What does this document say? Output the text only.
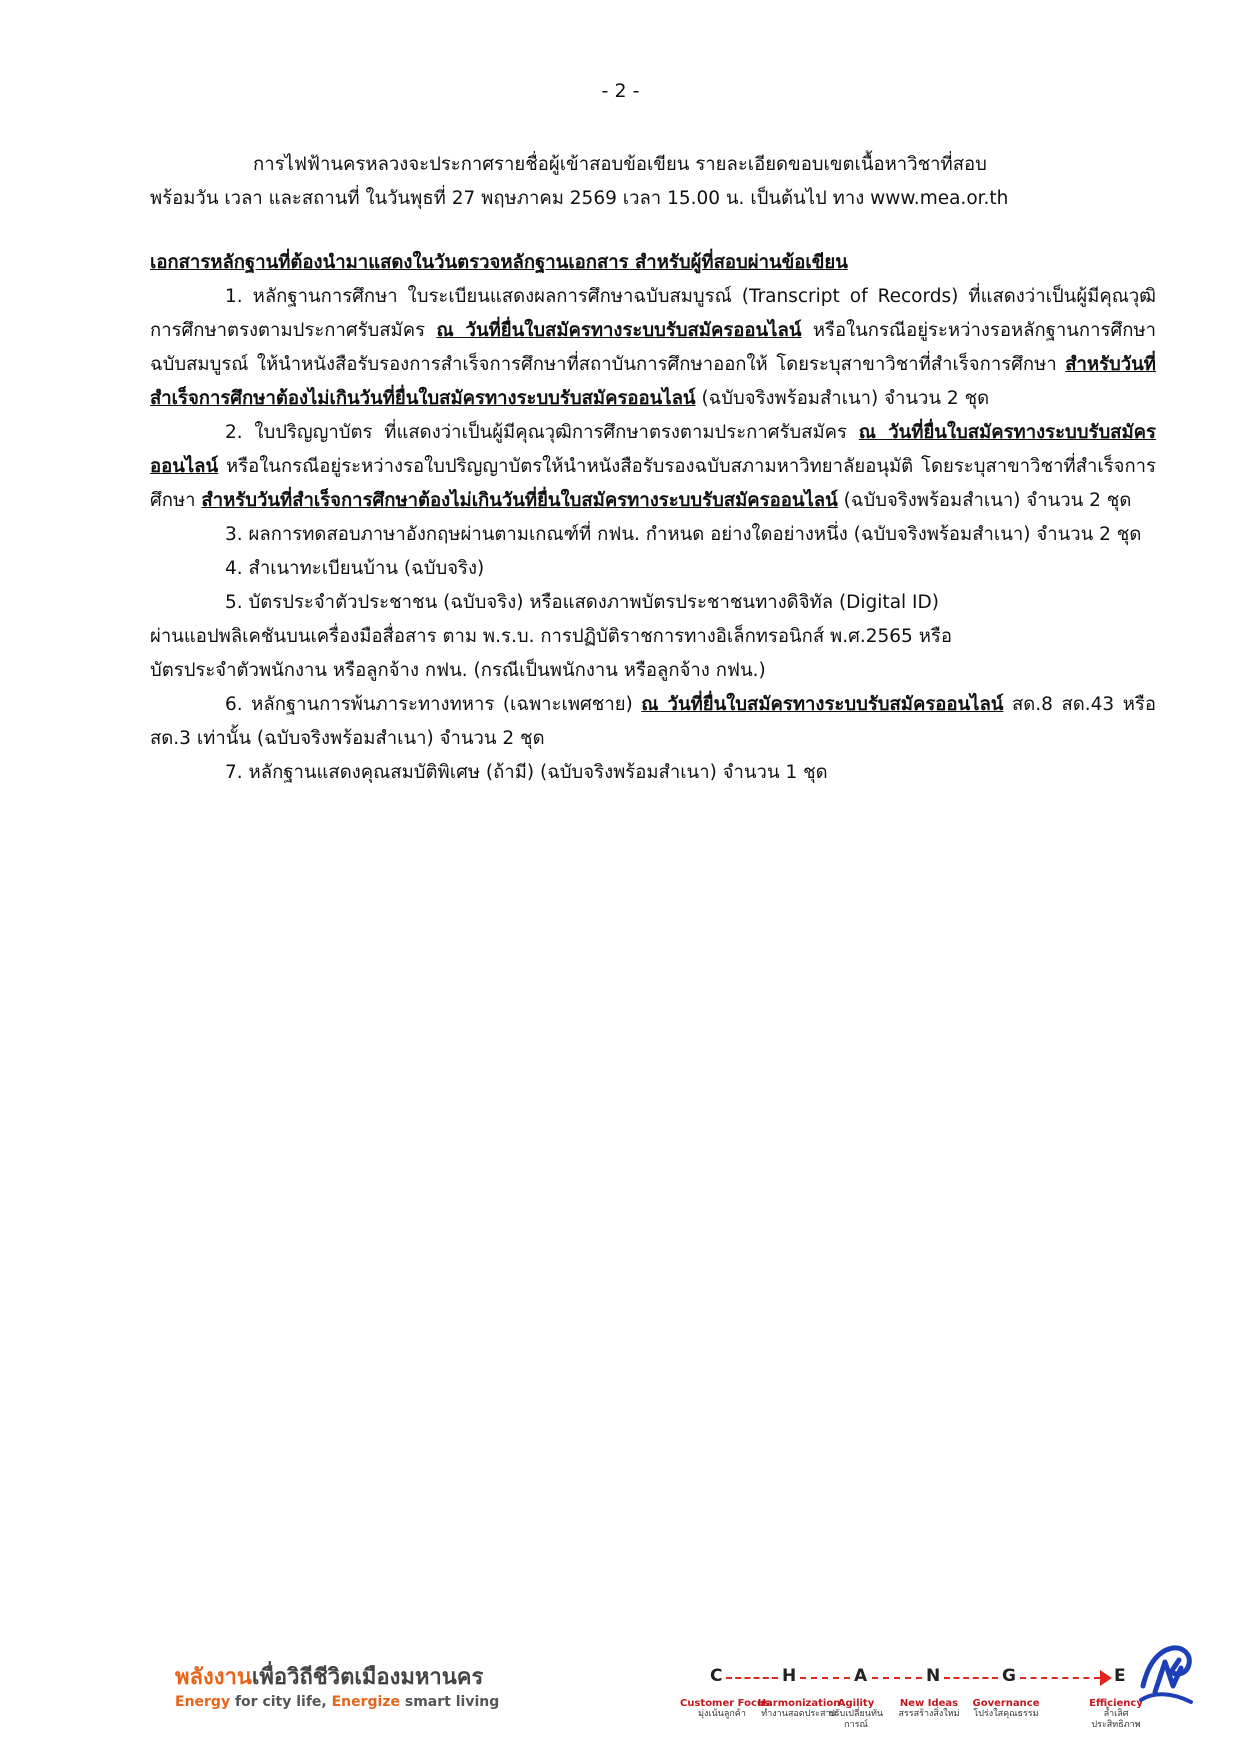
- 2 -
การไฟฟ้านครหลวงจะประกาศรายชื่อผู้เข้าสอบข้อเขียน รายละเอียดขอบเขตเนื้อหาวิชาที่สอบ
พร้อมวัน เวลา และสถานที่ ในวันพุธที่ 27 พฤษภาคม 2569 เวลา 15.00 น. เป็นต้นไป ทาง www.mea.or.th
เอกสารหลักฐานที่ต้องนำมาแสดงในวันตรวจหลักฐานเอกสาร สำหรับผู้ที่สอบผ่านข้อเขียน

1. หลักฐานการศึกษา ใบระเบียนแสดงผลการศึกษาฉบับสมบูรณ์ (Transcript of Records) ที่แสดงว่าเป็นผู้มีคุณวุฒิการศึกษาตรงตามประกาศรับสมัคร ณ วันที่ยื่นใบสมัครทางระบบรับสมัครออนไลน์ หรือในกรณีอยู่ระหว่างรอหลักฐานการศึกษาฉบับสมบูรณ์ ให้นำหนังสือรับรองการสำเร็จการศึกษาที่สถาบันการศึกษาออกให้ โดยระบุสาขาวิชาที่สำเร็จการศึกษา สำหรับวันที่สำเร็จการศึกษาต้องไม่เกินวันที่ยื่นใบสมัครทางระบบรับสมัครออนไลน์ (ฉบับจริงพร้อมสำเนา) จำนวน 2 ชุด

2. ใบปริญญาบัตร ที่แสดงว่าเป็นผู้มีคุณวุฒิการศึกษาตรงตามประกาศรับสมัคร ณ วันที่ยื่นใบสมัครทางระบบรับสมัครออนไลน์ หรือในกรณีอยู่ระหว่างรอใบปริญญาบัตรให้นำหนังสือรับรองฉบับสภามหาวิทยาลัยอนุมัติ โดยระบุสาขาวิชาที่สำเร็จการศึกษา สำหรับวันที่สำเร็จการศึกษาต้องไม่เกินวันที่ยื่นใบสมัครทางระบบรับสมัครออนไลน์ (ฉบับจริงพร้อมสำเนา) จำนวน 2 ชุด

3. ผลการทดสอบภาษาอังกฤษผ่านตามเกณฑ์ที่ กฟน. กำหนด อย่างใดอย่างหนึ่ง (ฉบับจริงพร้อมสำเนา) จำนวน 2 ชุด

4. สำเนาทะเบียนบ้าน (ฉบับจริง)

5. บัตรประจำตัวประชาชน (ฉบับจริง) หรือแสดงภาพบัตรประชาชนทางดิจิทัล (Digital ID)
ผ่านแอปพลิเคชันบนเครื่องมือสื่อสาร ตาม พ.ร.บ. การปฏิบัติราชการทางอิเล็กทรอนิกส์ พ.ศ.2565 หรือ
บัตรประจำตัวพนักงาน หรือลูกจ้าง กฟน. (กรณีเป็นพนักงาน หรือลูกจ้าง กฟน.)

6. หลักฐานการพ้นภาระทางทหาร (เฉพาะเพศชาย) ณ วันที่ยื่นใบสมัครทางระบบรับสมัครออนไลน์ สด.8 สด.43 หรือ สด.3 เท่านั้น (ฉบับจริงพร้อมสำเนา) จำนวน 2 ชุด

7. หลักฐานแสดงคุณสมบัติพิเศษ (ถ้ามี) (ฉบับจริงพร้อมสำเนา) จำนวน 1 ชุด

พลังงานเพื่อวิถีชีวิตเมืองมหานคร
Energy for city life, Energize smart living
C	H	A	N	G	E
Customer Focus
มุ่งเน้นลูกค้า
Harmonization
ทำงานสอดประสาน
Agility
ปรับเปลี่ยนทันการณ์
New Ideas
สรรสร้างสิ่งใหม่
Governance
โปร่งใสคุณธรรม
Efficiency
ล้ำเลิศประสิทธิภาพ
